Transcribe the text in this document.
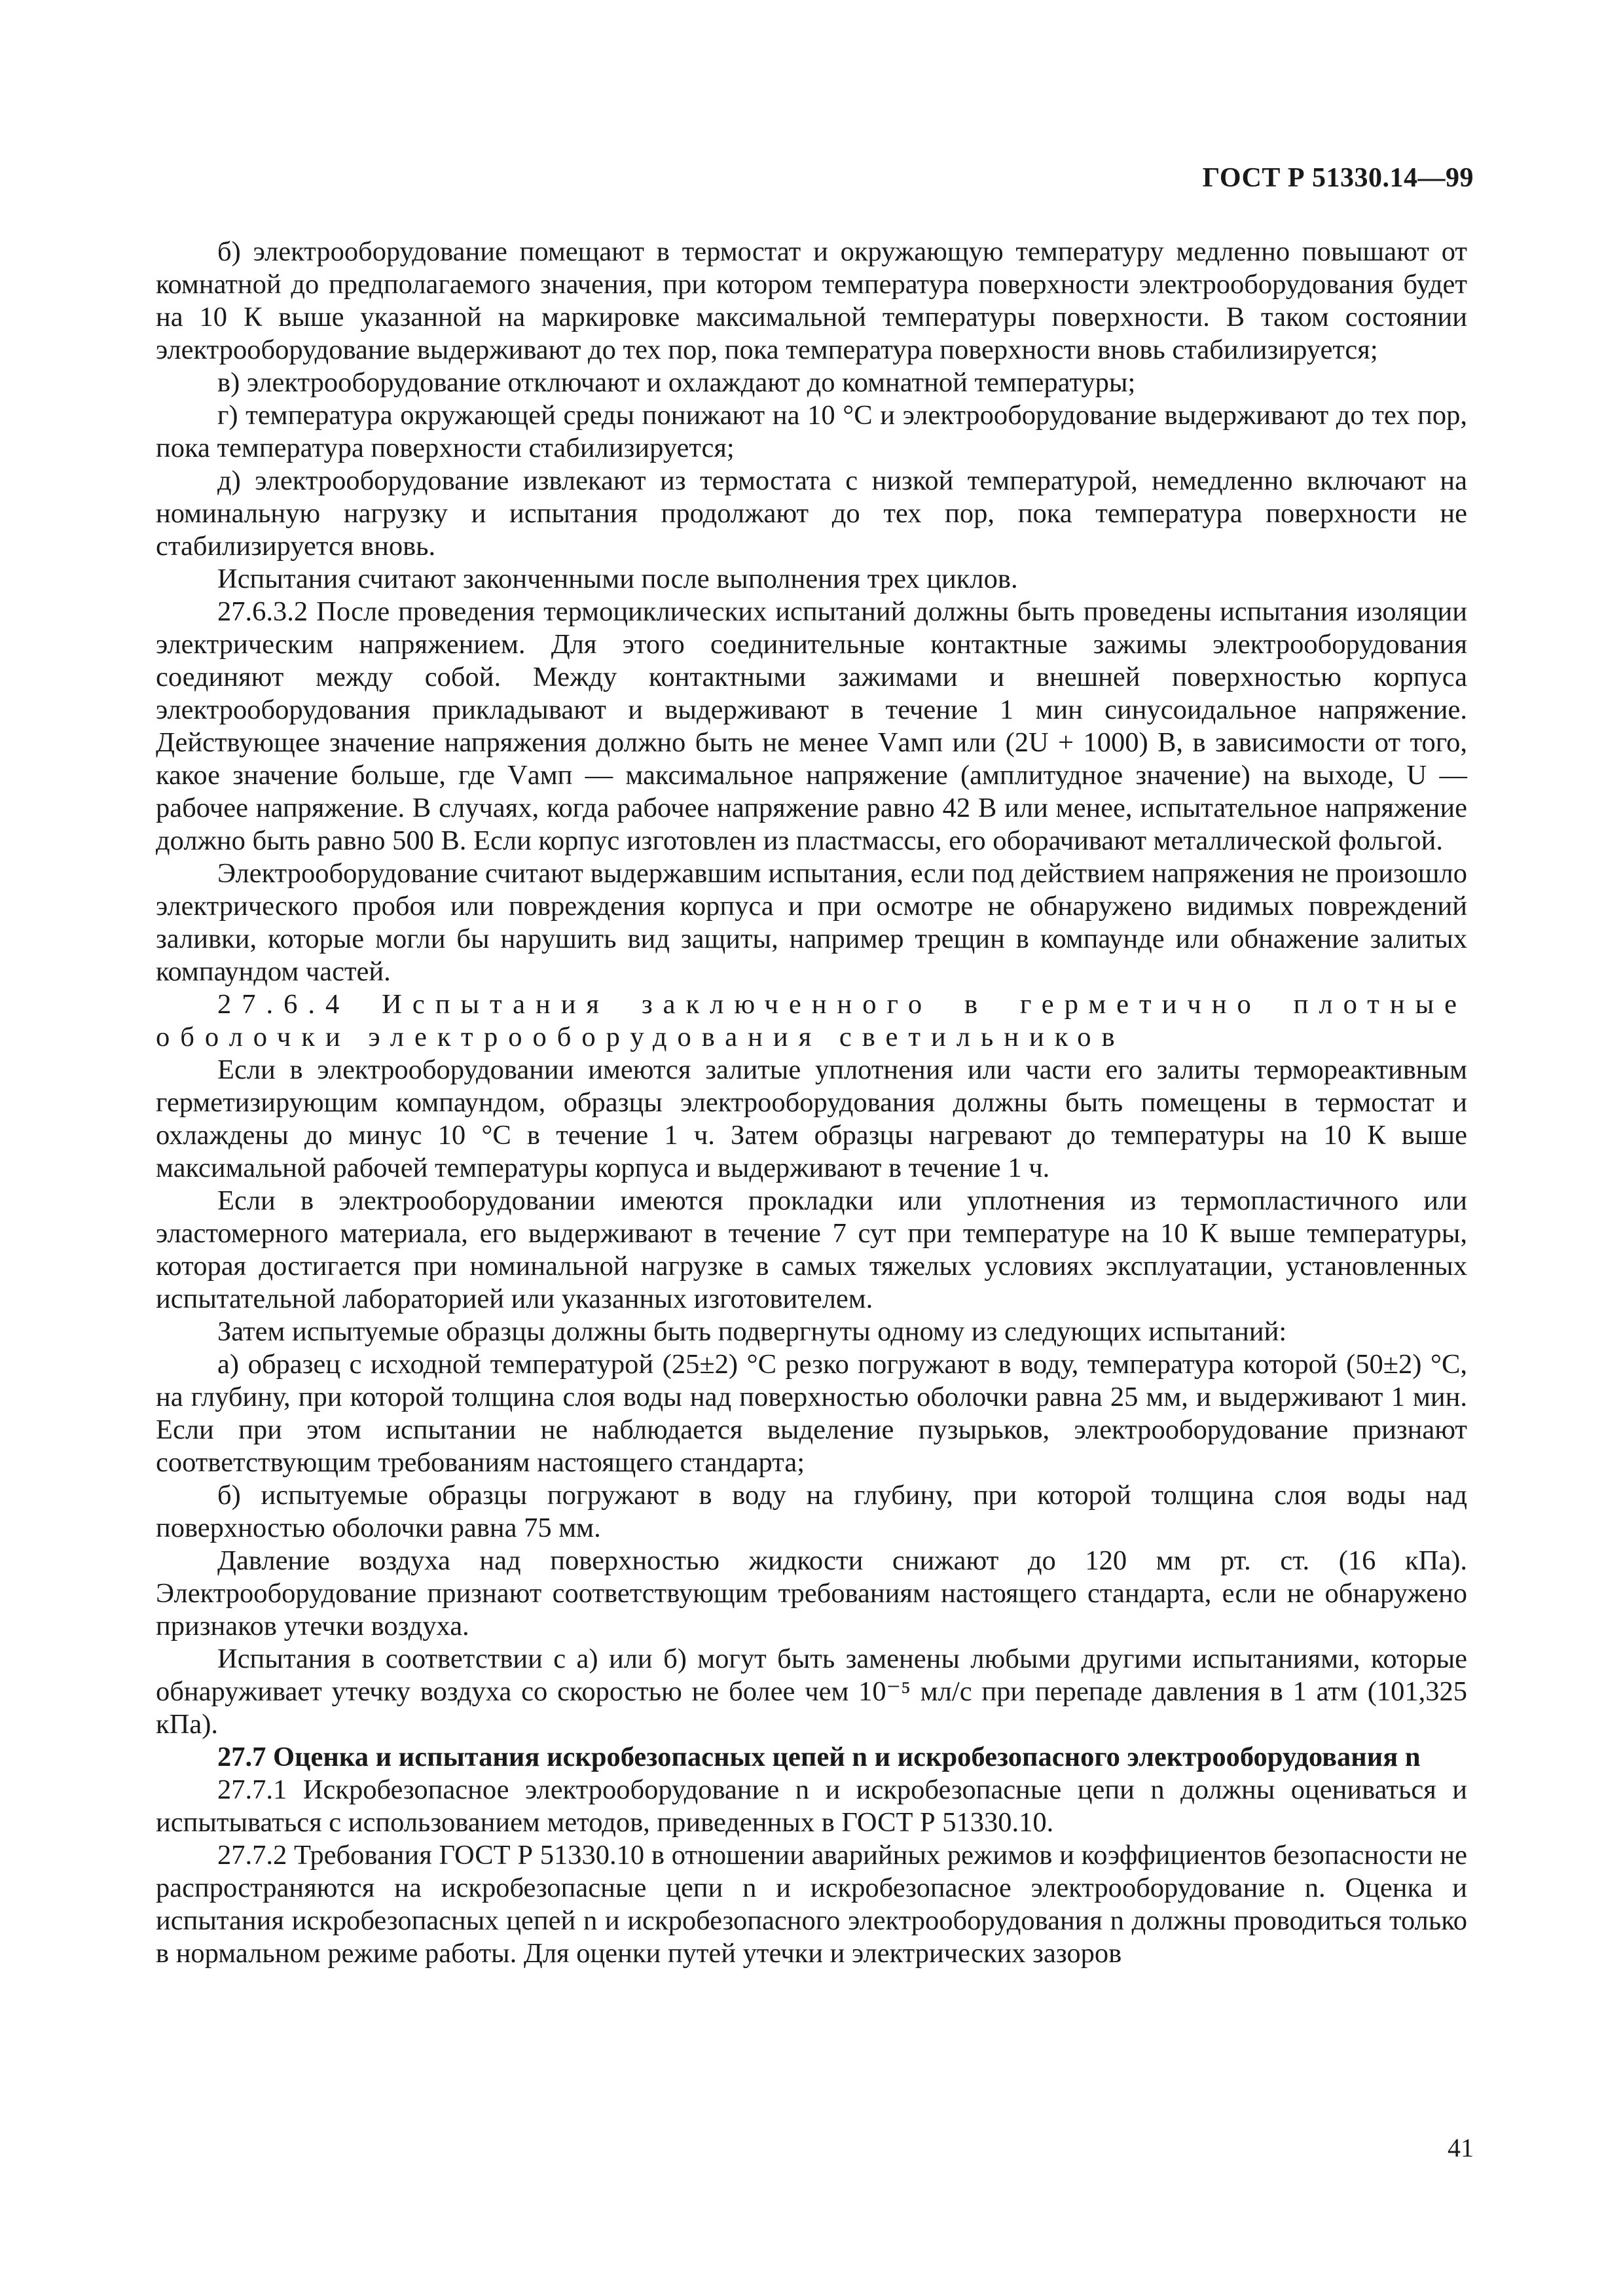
ГОСТ Р 51330.14—99

б) электрооборудование помещают в термостат и окружающую температуру медленно повышают от комнатной до предполагаемого значения, при котором температура поверхности электрооборудования будет на 10 К выше указанной на маркировке максимальной температуры поверхности. В таком состоянии электрооборудование выдерживают до тех пор, пока температура поверхности вновь стабилизируется;

в) электрооборудование отключают и охлаждают до комнатной температуры;

г) температура окружающей среды понижают на 10 °С и электрооборудование выдерживают до тех пор, пока температура поверхности стабилизируется;

д) электрооборудование извлекают из термостата с низкой температурой, немедленно включают на номинальную нагрузку и испытания продолжают до тех пор, пока температура поверхности не стабилизируется вновь.

Испытания считают законченными после выполнения трех циклов.

27.6.3.2 После проведения термоциклических испытаний должны быть проведены испытания изоляции электрическим напряжением. Для этого соединительные контактные зажимы электрооборудования соединяют между собой. Между контактными зажимами и внешней поверхностью корпуса электрооборудования прикладывают и выдерживают в течение 1 мин синусоидальное напряжение. Действующее значение напряжения должно быть не менее Vамп или (2U + 1000) В, в зависимости от того, какое значение больше, где Vамп — максимальное напряжение (амплитудное значение) на выходе, U — рабочее напряжение. В случаях, когда рабочее напряжение равно 42 В или менее, испытательное напряжение должно быть равно 500 В. Если корпус изготовлен из пластмассы, его оборачивают металлической фольгой.

Электрооборудование считают выдержавшим испытания, если под действием напряжения не произошло электрического пробоя или повреждения корпуса и при осмотре не обнаружено видимых повреждений заливки, которые могли бы нарушить вид защиты, например трещин в компаунде или обнажение залитых компаундом частей.

27.6.4 Испытания заключенного в герметично плотные оболочки электрооборудования светильников

Если в электрооборудовании имеются залитые уплотнения или части его залиты термореактивным герметизирующим компаундом, образцы электрооборудования должны быть помещены в термостат и охлаждены до минус 10 °С в течение 1 ч. Затем образцы нагревают до температуры на 10 К выше максимальной рабочей температуры корпуса и выдерживают в течение 1 ч.

Если в электрооборудовании имеются прокладки или уплотнения из термопластичного или эластомерного материала, его выдерживают в течение 7 сут при температуре на 10 К выше температуры, которая достигается при номинальной нагрузке в самых тяжелых условиях эксплуатации, установленных испытательной лабораторией или указанных изготовителем.

Затем испытуемые образцы должны быть подвергнуты одному из следующих испытаний:

а) образец с исходной температурой (25±2) °С резко погружают в воду, температура которой (50±2) °С, на глубину, при которой толщина слоя воды над поверхностью оболочки равна 25 мм, и выдерживают 1 мин. Если при этом испытании не наблюдается выделение пузырьков, электрооборудование признают соответствующим требованиям настоящего стандарта;

б) испытуемые образцы погружают в воду на глубину, при которой толщина слоя воды над поверхностью оболочки равна 75 мм.

Давление воздуха над поверхностью жидкости снижают до 120 мм рт. ст. (16 кПа). Электрооборудование признают соответствующим требованиям настоящего стандарта, если не обнаружено признаков утечки воздуха.

Испытания в соответствии с а) или б) могут быть заменены любыми другими испытаниями, которые обнаруживает утечку воздуха со скоростью не более чем 10⁻⁵ мл/с при перепаде давления в 1 атм (101,325 кПа).

27.7 Оценка и испытания искробезопасных цепей n и искробезопасного электрооборудования n

27.7.1 Искробезопасное электрооборудование n и искробезопасные цепи n должны оцениваться и испытываться с использованием методов, приведенных в ГОСТ Р 51330.10.

27.7.2 Требования ГОСТ Р 51330.10 в отношении аварийных режимов и коэффициентов безопасности не распространяются на искробезопасные цепи n и искробезопасное электрооборудование n. Оценка и испытания искробезопасных цепей n и искробезопасного электрооборудования n должны проводиться только в нормальном режиме работы. Для оценки путей утечки и электрических зазоров

41
